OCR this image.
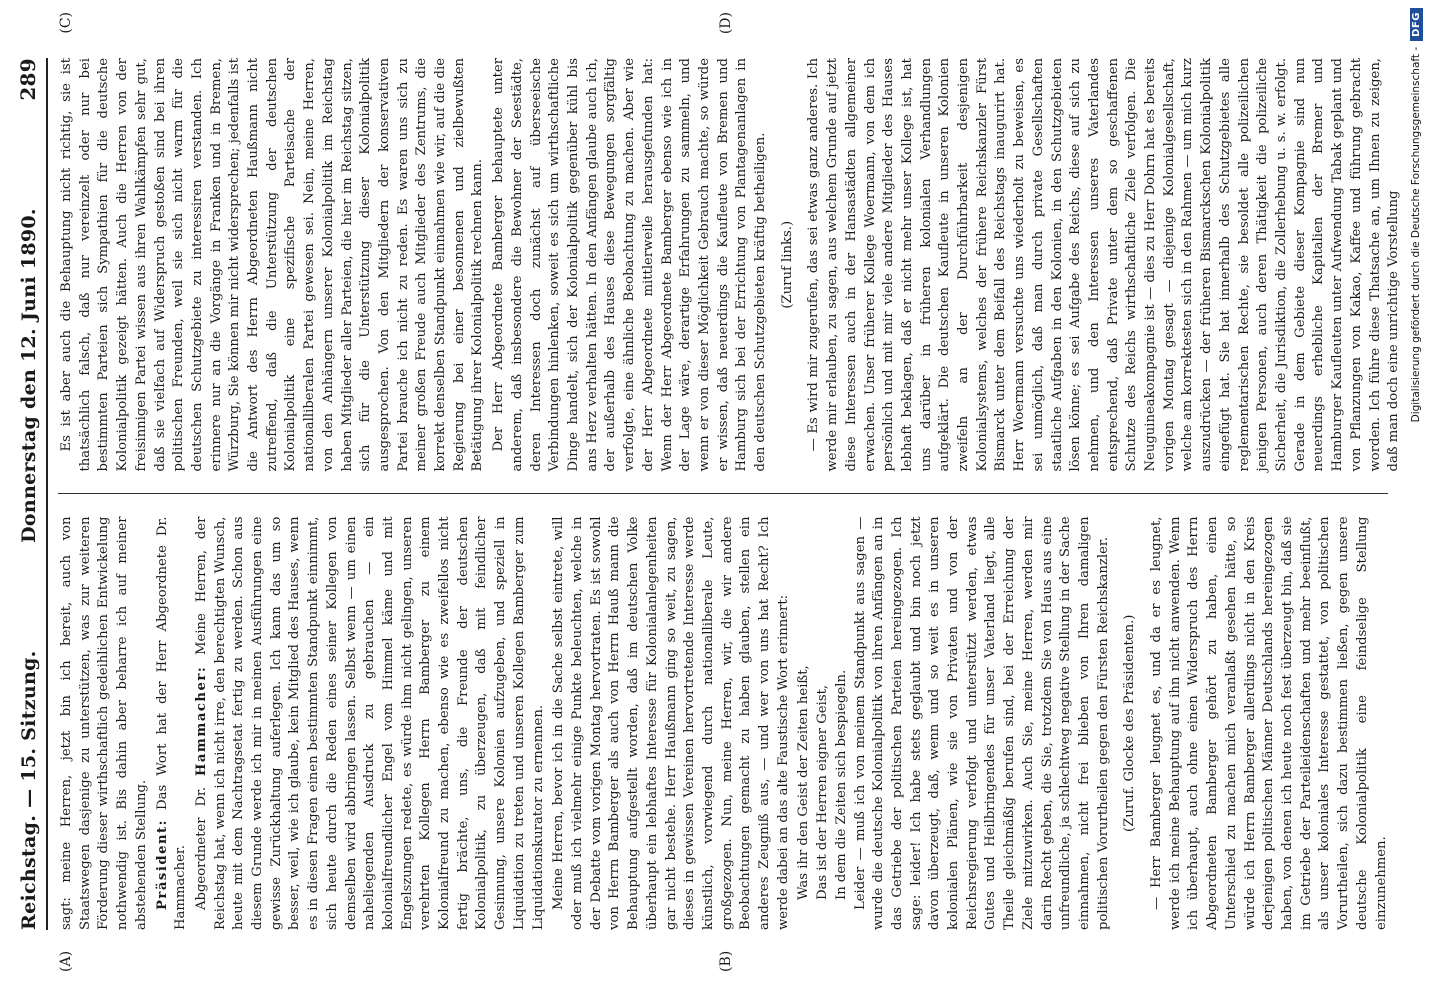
Reichstag. — 15. Sitzung.
Donnerstag den 12. Juni 1890.
289
(A)	(B)

sagt: meine Herren, jetzt bin ich bereit, auch von Staatswegen dasjenige zu unterstützen, was zur weiteren Förderung dieser wirthschaftlich gedeihlichen Entwickelung nothwendig ist. Bis dahin aber beharre ich auf meiner abstehenden Stellung. Präsident: Das Wort hat der Herr Abgeordnete Dr. Hammacher. Abgeordneter Dr. Hammacher: Meine Herren, der Reichstag hat, wenn ich nicht irre, den berechtigten Wunsch, heute mit dem Nachtragsetat fertig zu werden. Schon aus diesem Grunde werde ich mir in meinen Ausführungen eine gewisse Zurückhaltung auferlegen. Ich kann das um so besser, weil, wie ich glaube, kein Mitglied des Hauses, wenn es in diesen Fragen einen bestimmten Standpunkt einnimmt, sich heute durch die Reden eines seiner Kollegen von demselben wird abbringen lassen. Selbst wenn — um einen naheliegenden Ausdruck zu gebrauchen — ein kolonialfreundlicher Engel vom Himmel käme und mit Engelszungen redete, es würde ihm nicht gelingen, unseren verehrten Kollegen Herrn Bamberger zu einem Kolonialfreund zu machen, ebenso wie es zweifellos nicht fertig brächte, uns, die Freunde der deutschen Kolonialpolitik, zu überzeugen, daß mit feindlicher Gesinnung, unsere Kolonien aufzugeben, und speziell in Liquidation zu treten und unseren Kollegen Bamberger zum Liquidationskurator zu ernennen. Meine Herren, bevor ich in die Sache selbst eintrete, will oder muß ich vielmehr einige Punkte beleuchten, welche in der Debatte vom vorigen Montag hervortraten. Es ist sowohl von Herrn Bamberger als auch von Herrn Hauß mann die Behauptung aufgestellt worden, daß im deutschen Volke überhaupt ein lebhaftes Interesse für Kolonialanlegenheiten gar nicht bestehe. Herr Haußmann ging so weit, zu sagen, dieses in gewissen Vereinen hervortretende Interesse werde künstlich, vorwiegend durch nationalliberale Leute, großgezogen. Nun, meine Herren, wir, die wir andere Beobachtungen gemacht zu haben glauben, stellen ein anderes Zeugniß aus, — und wer von uns hat Recht? Ich werde dabei an das alte Faustische Wort erinnert: Was ihr den Geist der Zeiten heißt, Das ist der Herren eigner Geist, In dem die Zeiten sich bespiegeln. Leider — muß ich von meinem Standpunkt aus sagen — wurde die deutsche Kolonialpolitik von ihren Anfängen an in das Getriebe der politischen Parteien hereingezogen. Ich sage: leider! Ich habe stets geglaubt und bin noch jetzt davon überzeugt, daß, wenn und so weit es in unseren kolonialen Plänen, wie sie von Privaten und von der Reichsregierung verfolgt und unterstützt werden, etwas Gutes und Heilbringendes für unser Vaterland liegt, alle Theile gleichmäßig berufen sind, bei der Erreichung der Ziele mitzuwirken. Auch Sie, meine Herren, werden mir darin Recht geben, die Sie, trotzdem Sie von Haus aus eine unfreundliche, ja schlechtweg negative Stellung in der Sache einnahmen, nicht frei blieben von Ihren damaligen politischen Vorurtheilen gegen den Fürsten Reichskanzler. (Zuruf. Glocke des Präsidenten.) — Herr Bamberger leugnet es, und da er es leugnet, werde ich meine Behauptung auf ihn nicht anwenden. Wenn ich überhaupt, auch ohne einen Widerspruch des Herrn Abgeordneten Bamberger gehört zu haben, einen Unterschied zu machen mich veranlaßt gesehen hätte, so würde ich Herrn Bamberger allerdings nicht in den Kreis derjenigen politischen Männer Deutschlands hereingezogen haben, von denen ich heute noch fest überzeugt bin, daß sie im Getriebe der Parteileidenschaften und mehr beeinflußt, als unser koloniales Interesse gestattet, von politischen Vorurtheilen, sich dazu bestimmen ließen, gegen unsere deutsche Kolonialpolitik eine feindselige Stellung einzunehmen.

(C)	(D)

Es ist aber auch die Behauptung nicht richtig, sie ist thatsächlich falsch, daß nur vereinzelt oder nur bei bestimmten Parteien sich Sympathien für die deutsche Kolonialpolitik gezeigt hätten. Auch die Herren von der freisinnigen Partei wissen aus ihren Wahlkämpfen sehr gut, daß sie vielfach auf Widerspruch gestoßen sind bei ihren politischen Freunden, weil sie sich nicht warm für die deutschen Schutzgebiete zu interessiren verstanden. Ich erinnere nur an die Vorgänge in Franken und in Bremen, Würzburg, Sie können mir nicht widersprechen; jedenfalls ist die Antwort des Herrn Abgeordneten Haußmann nicht zutreffend, daß die Unterstützung der deutschen Kolonialpolitik eine spezifische Parteisache der nationalliberalen Partei gewesen sei. Nein, meine Herren, von den Anhängern unserer Kolonialpolitik im Reichstag haben Mitglieder aller Parteien, die hier im Reichstag sitzen, sich für die Unterstützung dieser Kolonialpolitik ausgesprochen. Von den Mitgliedern der konservativen Partei brauche ich nicht zu reden. Es waren uns sich zu meiner großen Freude auch Mitglieder des Zentrums, die korrekt denselben Standpunkt einnahmen wie wir, auf die die Regierung bei einer besonnenen und zielbewußten Betätigung ihrer Kolonialpolitik rechnen kann. Der Herr Abgeordnete Bamberger behauptete unter anderem, daß insbesondere die Bewohner der Seestädte, deren Interessen doch zunächst auf überseeische Verbindungen hinlenken, soweit es sich um wirthschaftliche Dinge handelt, sich der Kolonialpolitik gegenüber kühl bis ans Herz verhalten hätten. In den Anfängen glaube auch ich, der außerhalb des Hauses diese Bewegungen sorgfältig verfolgte, eine ähnliche Beobachtung zu machen. Aber wie der Herr Abgeordnete mittlerweile herausgefunden hat: Wenn der Herr Abgeordnete Bamberger ebenso wie ich in der Lage wäre, derartige Erfahrungen zu sammeln, und wenn er von dieser Möglichkeit Gebrauch machte, so würde er wissen, daß neuerdings die Kaufleute von Bremen und Hamburg sich bei der Errichtung von Plantagenanlagen in den deutschen Schutzgebieten kräftig betheiligen. (Zuruf links.) — Es wird mir zugerufen, das sei etwas ganz anderes. Ich werde mir erlauben, zu sagen, aus welchem Grunde auf jetzt diese Interessen auch in der Hansastädten allgemeiner erwachen. Unser früherer Kollege Woermann, von dem ich persönlich und mit mir viele andere Mitglieder des Hauses lebhaft beklagen, daß er nicht mehr unser Kollege ist, hat uns darüber in früheren kolonialen Verhandlungen aufgeklärt. Die deutschen Kaufleute in unseren Kolonien zweifeln an der Durchführbarkeit desjenigen Kolonialsystems, welches der frühere Reichskanzler Fürst Bismarck unter dem Beifall des Reichstags inaugurirt hat. Herr Woermann versuchte uns wiederholt zu beweisen, es sei unmöglich, daß man durch private Gesellschaften staatliche Aufgaben in den Kolonien, in den Schutzgebieten lösen könne; es sei Aufgabe des Reichs, diese auf sich zu nehmen, und den Interessen unseres Vaterlandes entsprechend, daß Private unter dem so geschaffenen Schutze des Reichs wirthschaftliche Ziele verfolgen. Die Neuguineakompagnie ist — dies zu Herr Dohrn hat es bereits vorigen Montag gesagt — diejenige Kolonialgesellschaft, welche am korrektesten sich in den Rahmen — um mich kurz auszudrücken — der früheren Bismarckschen Kolonialpolitik eingefügt hat. Sie hat innerhalb des Schutzgebietes alle reglementarischen Rechte, sie besoldet alle polizeilichen jenigen Personen, auch deren Thätigkeit die polizeiliche Sicherheit, die Jurisdiktion, die Zollerhebung u. s. w. erfolgt. Gerade in dem Gebiete dieser Kompagnie sind nun neuerdings erhebliche Kapitalien der Bremer und Hamburger Kaufleuten unter Aufwendung Tabak geplant und von Pflanzungen von Kakao, Kaffee und führung gebracht worden. Ich führe diese Thatsache an, um Ihnen zu zeigen, daß man doch eine unrichtige Vorstellung Digitalisierung gefördert durch die Deutsche Forschungsgemeinschaft -
DFG
